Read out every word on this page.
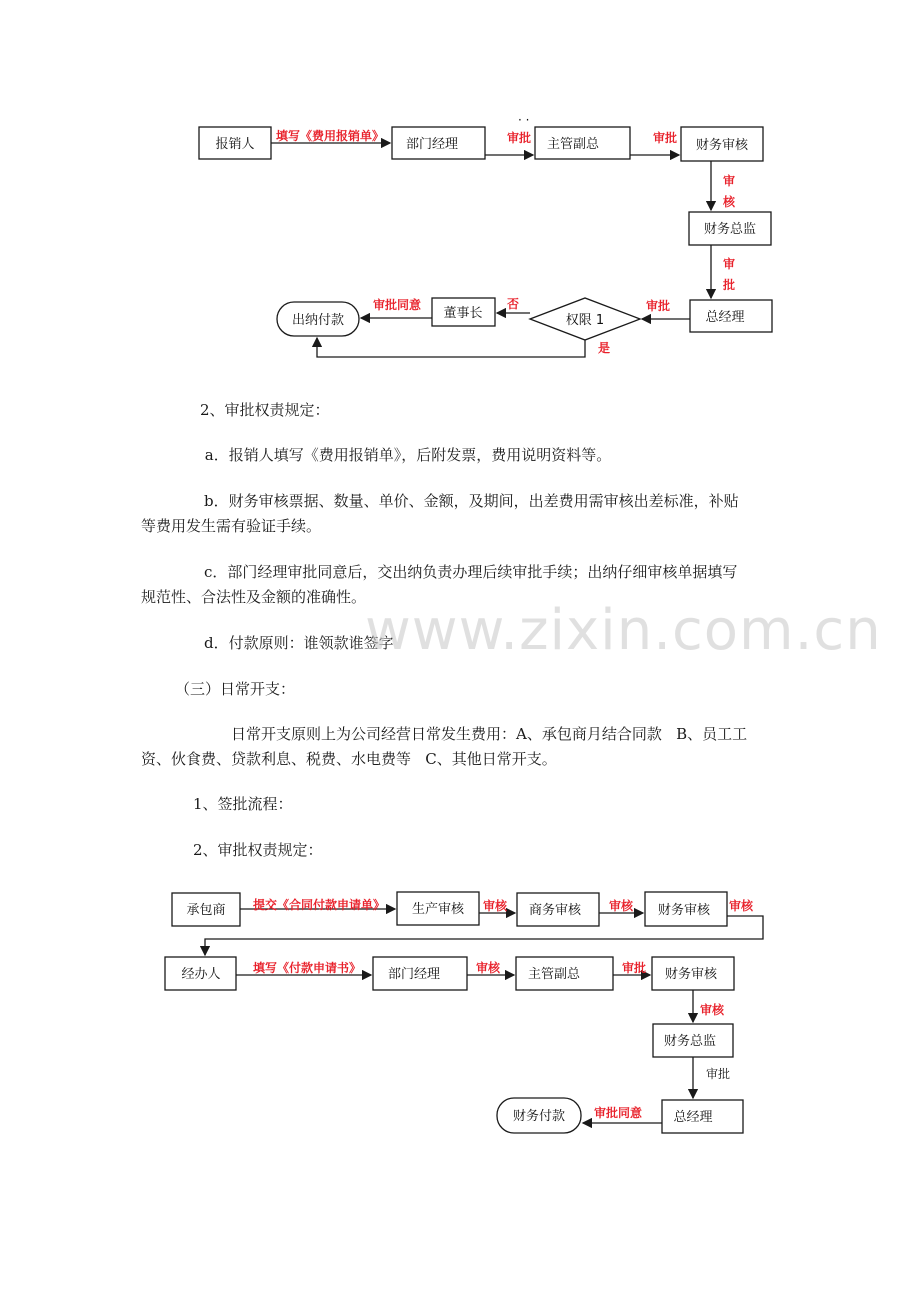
报销人	部门经理	主管副总	财务审核
财务总监
总经理
权限 1
董事长
出纳付款
填写《费用报销单》
· ·
审批	审批
审
核
审
批
审批
否
审批同意
是

2、审批权责规定：

a．报销人填写《费用报销单》，后附发票，费用说明资料等。

b．财务审核票据、数量、单价、金额，及期间，出差费用需审核出差标准，补贴

等费用发生需有验证手续。

c．部门经理审批同意后，交出纳负责办理后续审批手续；出纳仔细审核单据填写

规范性、合法性及金额的准确性。

d．付款原则：谁领款谁签字

（三）日常开支：

日常开支原则上为公司经营日常发生费用：A、承包商月结合同款   B、员工工

资、伙食费、贷款利息、税费、水电费等   C、其他日常开支。

1、签批流程：

2、审批权责规定：

www.zixin.com.cn
承包商	生产审核	商务审核	财务审核
经办人	部门经理	主管副总	财务审核
财务总监
总经理
财务付款
提交《合同付款申请单》	审核	审核	审核
填写《付款申请书》	审核	审批
审核
审批
审批同意
